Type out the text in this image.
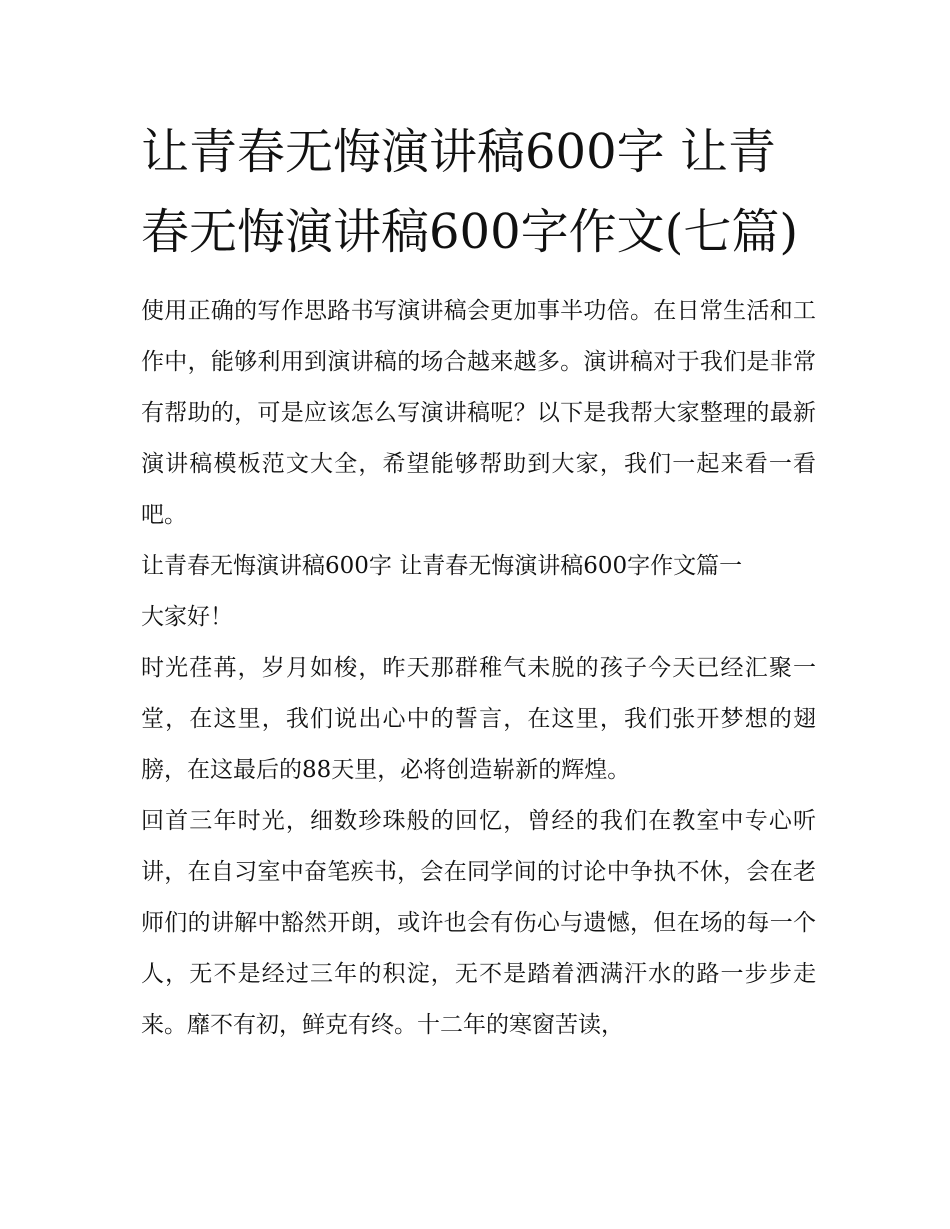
让青春无悔演讲稿600字 让青春无悔演讲稿600字作文(七篇)

使用正确的写作思路书写演讲稿会更加事半功倍。在日常生活和工作中，能够利用到演讲稿的场合越来越多。演讲稿对于我们是非常有帮助的，可是应该怎么写演讲稿呢？以下是我帮大家整理的最新演讲稿模板范文大全，希望能够帮助到大家，我们一起来看一看吧。

让青春无悔演讲稿600字 让青春无悔演讲稿600字作文篇一

大家好！

时光荏苒，岁月如梭，昨天那群稚气未脱的孩子今天已经汇聚一堂，在这里，我们说出心中的誓言，在这里，我们张开梦想的翅膀，在这最后的88天里，必将创造崭新的辉煌。

回首三年时光，细数珍珠般的回忆，曾经的我们在教室中专心听讲，在自习室中奋笔疾书，会在同学间的讨论中争执不休，会在老师们的讲解中豁然开朗，或许也会有伤心与遗憾，但在场的每一个人，无不是经过三年的积淀，无不是踏着洒满汗水的路一步步走来。靡不有初，鲜克有终。十二年的寒窗苦读，
